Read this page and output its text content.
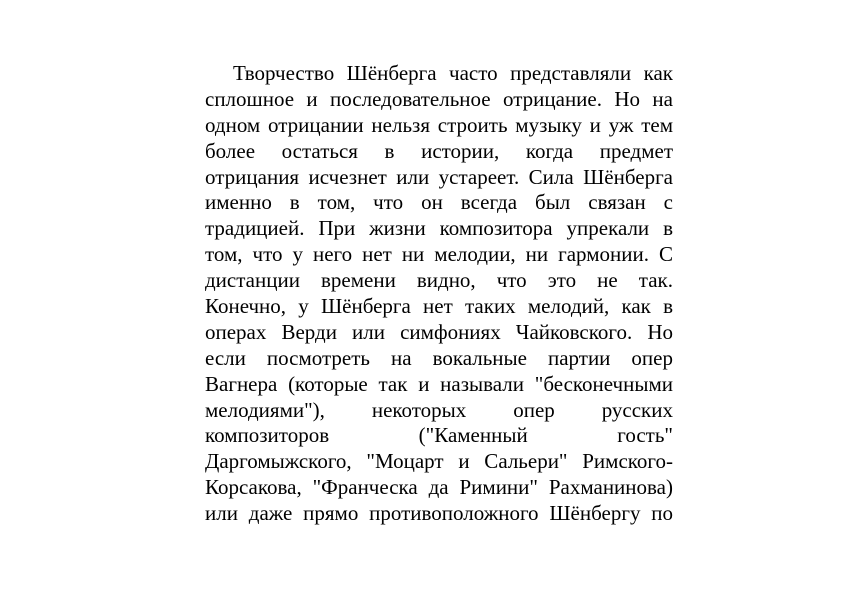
Творчество Шёнберга часто представляли как
сплошное и последовательное отрицание. Но на
одном отрицании нельзя строить музыку и уж тем
более остаться в истории, когда предмет
отрицания исчезнет или устареет. Сила Шёнберга
именно в том, что он всегда был связан с
традицией. При жизни композитора упрекали в
том, что у него нет ни мелодии, ни гармонии. С
дистанции времени видно, что это не так.
Конечно, у Шёнберга нет таких мелодий, как в
операх Верди или симфониях Чайковского. Но
если посмотреть на вокальные партии опер
Вагнера (которые так и называли "бесконечными
мелодиями"), некоторых опер русских
композиторов ("Каменный гость"
Даргомыжского, "Моцарт и Сальери" Римского-
Корсакова, "Франческа да Римини" Рахманинова)
или даже прямо противоположного Шёнбергу по
